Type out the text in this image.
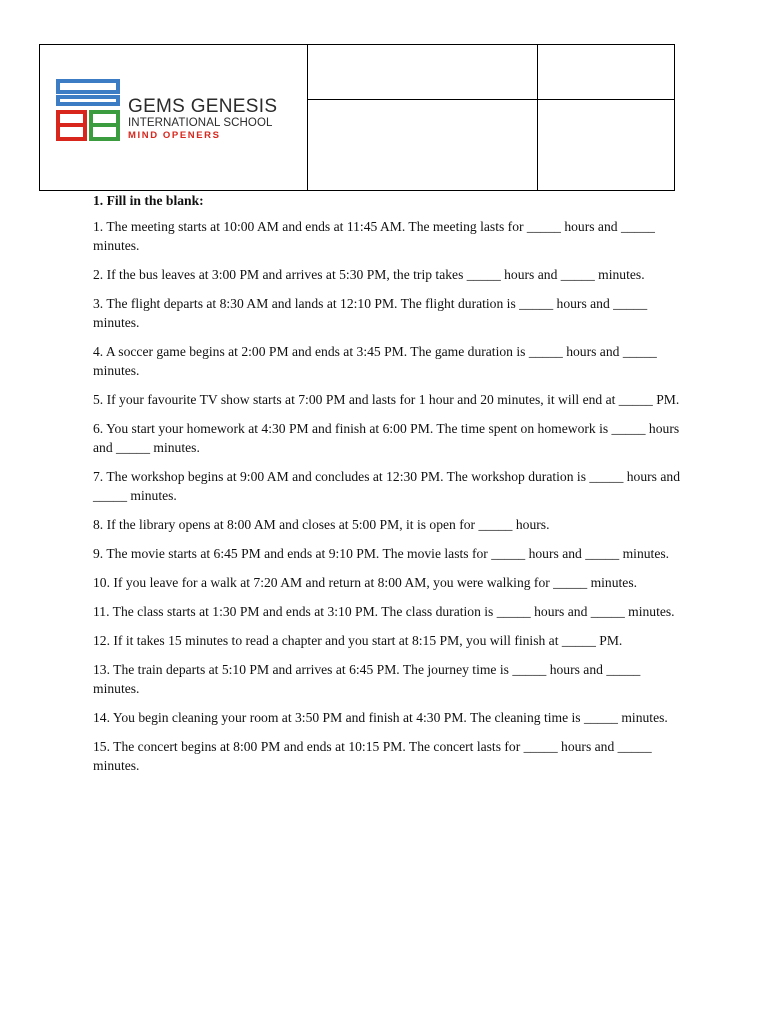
GEMS GENESIS
INTERNATIONAL SCHOOL
MIND OPENERS
1. Fill in the blank:
1. The meeting starts at 10:00 AM and ends at 11:45 AM. The meeting lasts for _____ hours and _____ minutes.
2. If the bus leaves at 3:00 PM and arrives at 5:30 PM, the trip takes _____ hours and _____ minutes.
3. The flight departs at 8:30 AM and lands at 12:10 PM. The flight duration is _____ hours and _____ minutes.
4. A soccer game begins at 2:00 PM and ends at 3:45 PM. The game duration is _____ hours and _____ minutes.
5. If your favourite TV show starts at 7:00 PM and lasts for 1 hour and 20 minutes, it will end at _____ PM.
6. You start your homework at 4:30 PM and finish at 6:00 PM. The time spent on homework is _____ hours and _____ minutes.
7. The workshop begins at 9:00 AM and concludes at 12:30 PM. The workshop duration is _____ hours and _____ minutes.
8. If the library opens at 8:00 AM and closes at 5:00 PM, it is open for _____ hours.
9. The movie starts at 6:45 PM and ends at 9:10 PM. The movie lasts for _____ hours and _____ minutes.
10. If you leave for a walk at 7:20 AM and return at 8:00 AM, you were walking for _____ minutes.
11. The class starts at 1:30 PM and ends at 3:10 PM. The class duration is _____ hours and _____ minutes.
12. If it takes 15 minutes to read a chapter and you start at 8:15 PM, you will finish at _____ PM.
13. The train departs at 5:10 PM and arrives at 6:45 PM. The journey time is _____ hours and _____ minutes.
14. You begin cleaning your room at 3:50 PM and finish at 4:30 PM. The cleaning time is _____ minutes.
15. The concert begins at 8:00 PM and ends at 10:15 PM. The concert lasts for _____ hours and _____ minutes.
